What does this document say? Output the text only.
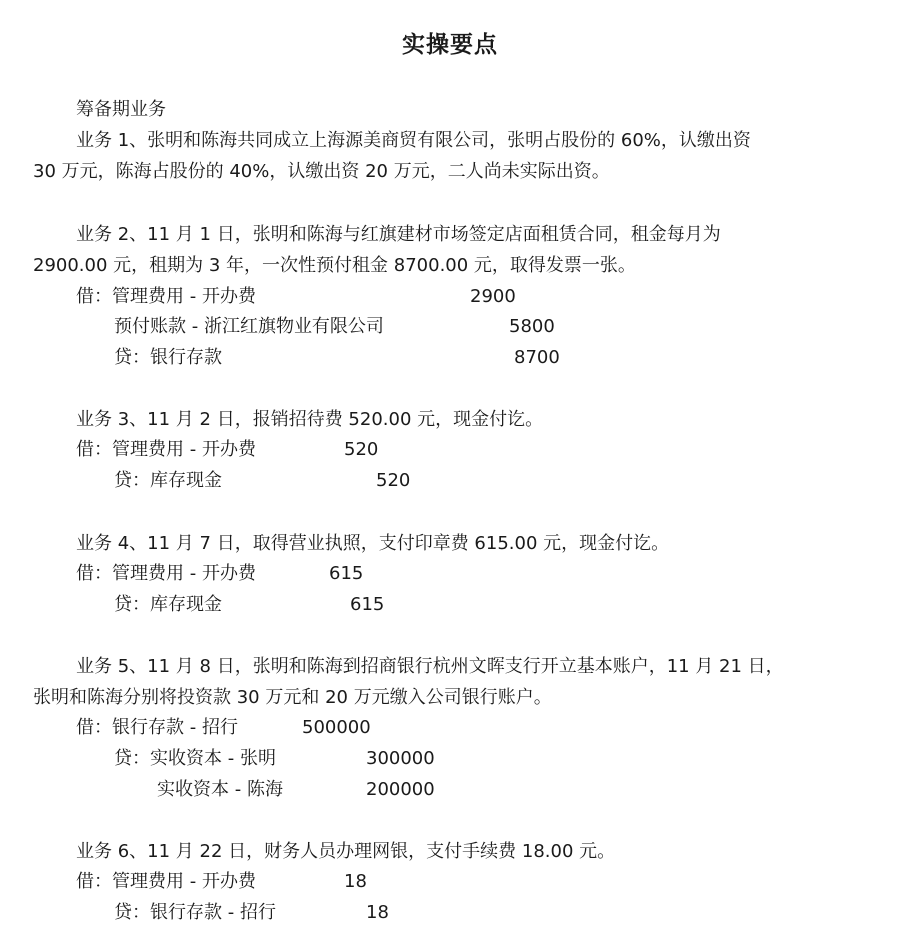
实操要点
筹备期业务
业务 1、张明和陈海共同成立上海源美商贸有限公司，张明占股份的 60%，认缴出资
30 万元，陈海占股份的 40%，认缴出资 20 万元，二人尚未实际出资。
业务 2、11 月 1 日，张明和陈海与红旗建材市场签定店面租赁合同，租金每月为
2900.00 元，租期为 3 年，一次性预付租金 8700.00 元，取得发票一张。
借：管理费用 - 开办费	2900
预付账款 - 浙江红旗物业有限公司	5800
贷：银行存款	8700
业务 3、11 月 2 日，报销招待费 520.00 元，现金付讫。
借：管理费用 - 开办费	520
贷：库存现金	520
业务 4、11 月 7 日，取得营业执照，支付印章费 615.00 元，现金付讫。
借：管理费用 - 开办费	615
贷：库存现金	615
业务 5、11 月 8 日，张明和陈海到招商银行杭州文晖支行开立基本账户，11 月 21 日，
张明和陈海分别将投资款 30 万元和 20 万元缴入公司银行账户。
借：银行存款 - 招行	500000
贷：实收资本 - 张明	300000
实收资本 - 陈海	200000
业务 6、11 月 22 日，财务人员办理网银，支付手续费 18.00 元。
借：管理费用 - 开办费	18
贷：银行存款 - 招行	18
